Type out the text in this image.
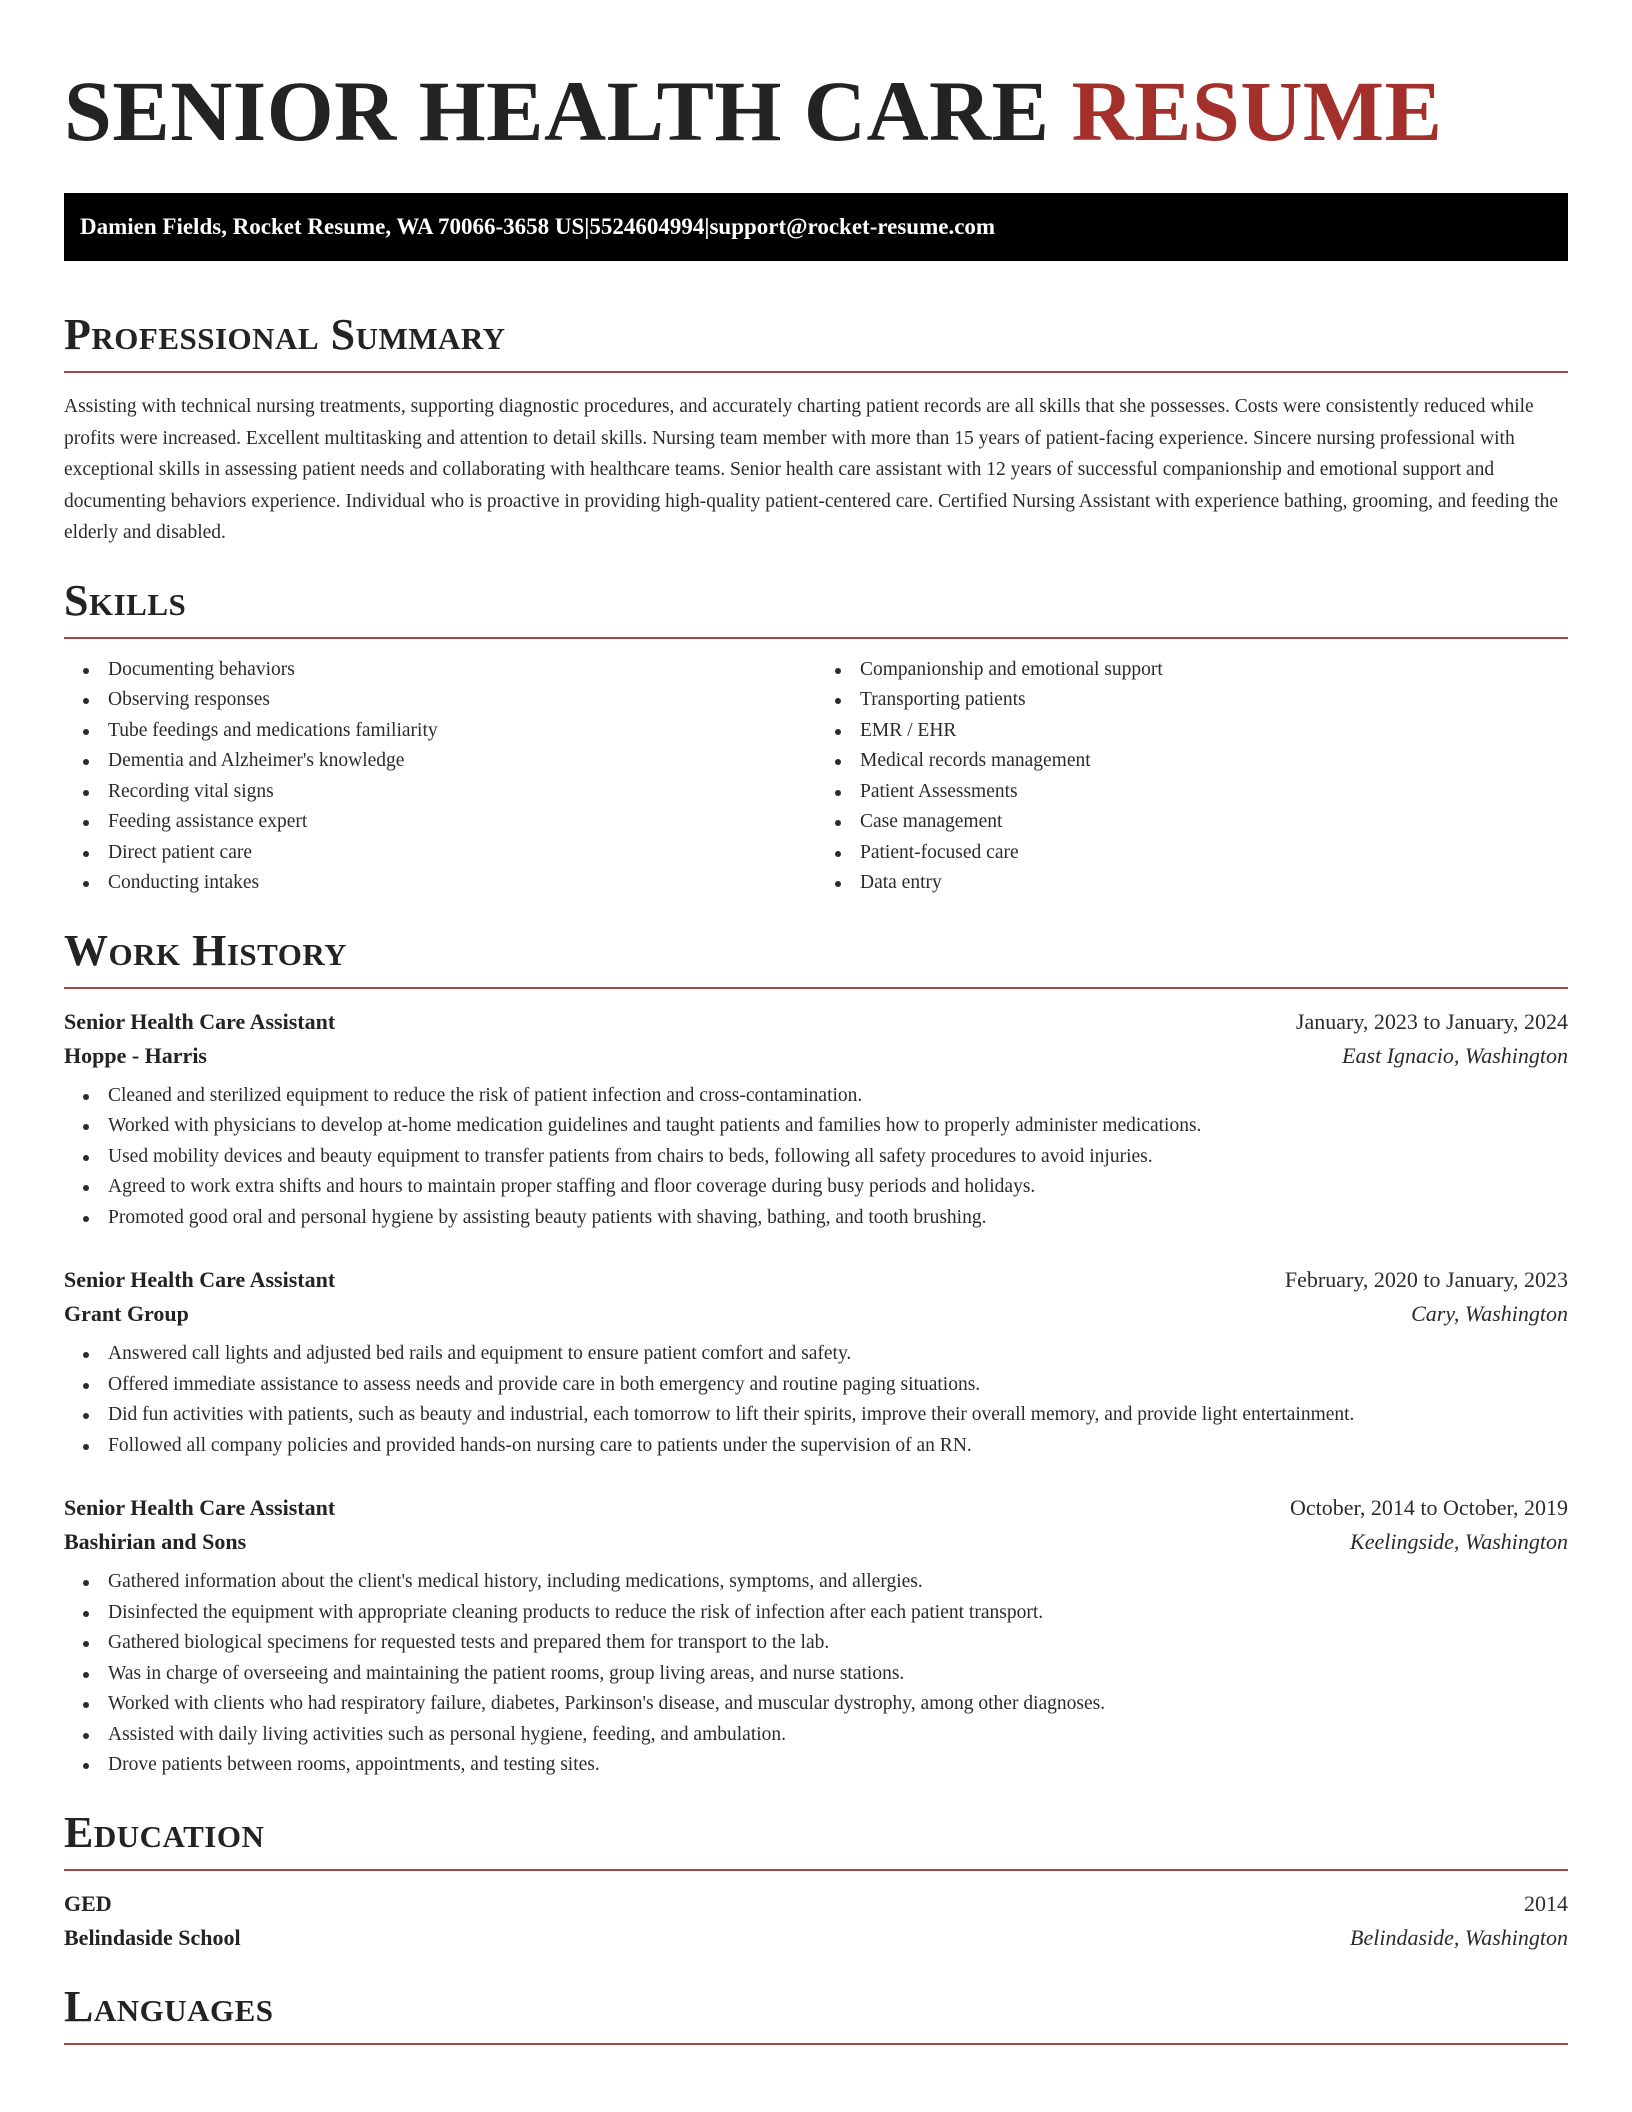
SENIOR HEALTH CARE RESUME
Damien Fields, Rocket Resume, WA 70066-3658 US | 5524604994 | support@rocket-resume.com
Professional Summary

Assisting with technical nursing treatments, supporting diagnostic procedures, and accurately charting patient records are all skills that she possesses. Costs were consistently reduced while profits were increased. Excellent multitasking and attention to detail skills. Nursing team member with more than 15 years of patient-facing experience. Sincere nursing professional with exceptional skills in assessing patient needs and collaborating with healthcare teams. Senior health care assistant with 12 years of successful companionship and emotional support and documenting behaviors experience. Individual who is proactive in providing high-quality patient-centered care. Certified Nursing Assistant with experience bathing, grooming, and feeding the elderly and disabled.

Skills
Documenting behaviors
Observing responses
Tube feedings and medications familiarity
Dementia and Alzheimer's knowledge
Recording vital signs
Feeding assistance expert
Direct patient care
Conducting intakes
Companionship and emotional support
Transporting patients
EMR / EHR
Medical records management
Patient Assessments
Case management
Patient-focused care
Data entry
Work History
Senior Health Care Assistant	January, 2023 to January, 2024
Hoppe - Harris	East Ignacio, Washington
Cleaned and sterilized equipment to reduce the risk of patient infection and cross-contamination.
Worked with physicians to develop at-home medication guidelines and taught patients and families how to properly administer medications.
Used mobility devices and beauty equipment to transfer patients from chairs to beds, following all safety procedures to avoid injuries.
Agreed to work extra shifts and hours to maintain proper staffing and floor coverage during busy periods and holidays.
Promoted good oral and personal hygiene by assisting beauty patients with shaving, bathing, and tooth brushing.
Senior Health Care Assistant	February, 2020 to January, 2023
Grant Group	Cary, Washington
Answered call lights and adjusted bed rails and equipment to ensure patient comfort and safety.
Offered immediate assistance to assess needs and provide care in both emergency and routine paging situations.
Did fun activities with patients, such as beauty and industrial, each tomorrow to lift their spirits, improve their overall memory, and provide light entertainment.
Followed all company policies and provided hands-on nursing care to patients under the supervision of an RN.
Senior Health Care Assistant	October, 2014 to October, 2019
Bashirian and Sons	Keelingside, Washington
Gathered information about the client's medical history, including medications, symptoms, and allergies.
Disinfected the equipment with appropriate cleaning products to reduce the risk of infection after each patient transport.
Gathered biological specimens for requested tests and prepared them for transport to the lab.
Was in charge of overseeing and maintaining the patient rooms, group living areas, and nurse stations.
Worked with clients who had respiratory failure, diabetes, Parkinson's disease, and muscular dystrophy, among other diagnoses.
Assisted with daily living activities such as personal hygiene, feeding, and ambulation.
Drove patients between rooms, appointments, and testing sites.
Education
GED	2014
Belindaside School	Belindaside, Washington
Languages
